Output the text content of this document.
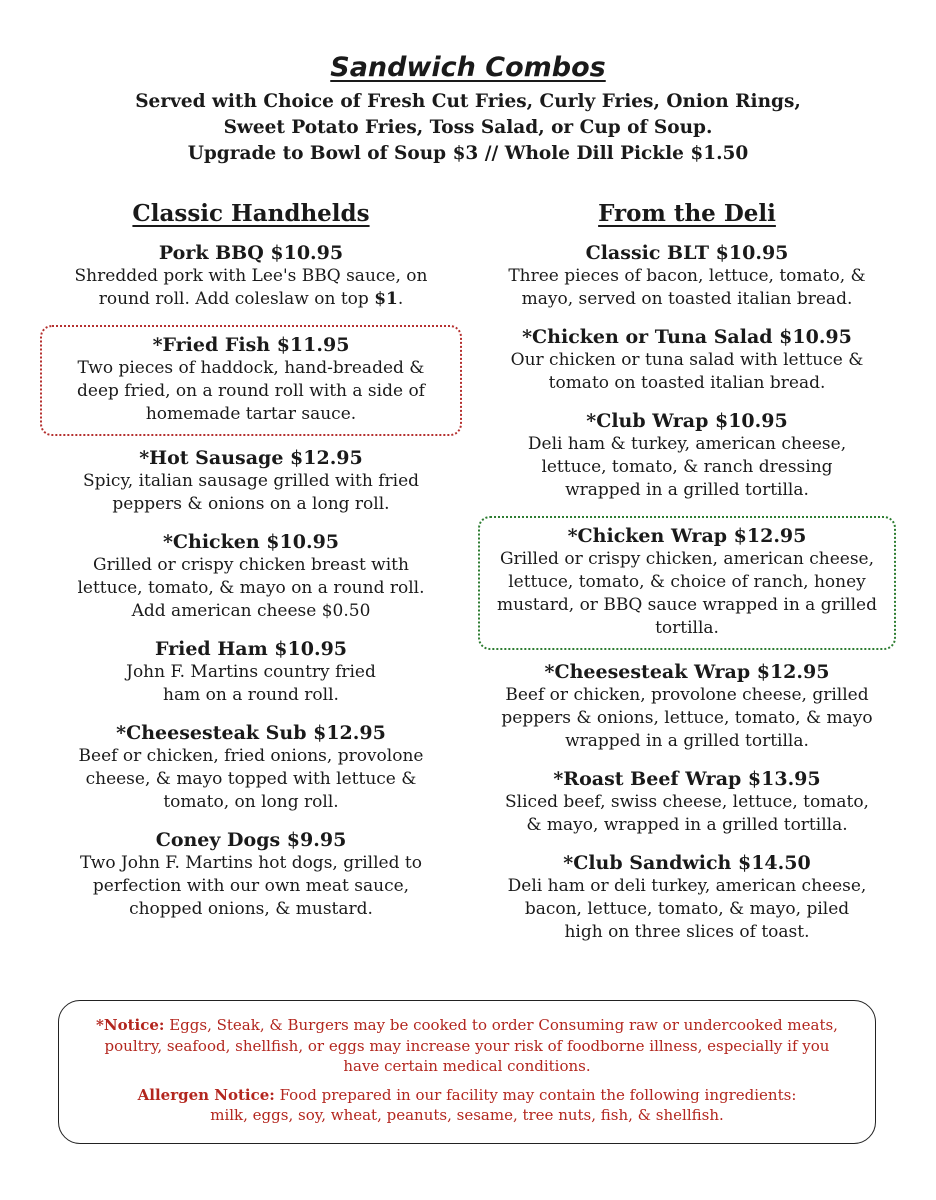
Sandwich Combos
Served with Choice of Fresh Cut Fries, Curly Fries, Onion Rings,
Sweet Potato Fries, Toss Salad, or Cup of Soup.
Upgrade to Bowl of Soup $3 // Whole Dill Pickle $1.50
Classic Handhelds
Pork BBQ $10.95
Shredded pork with Lee's BBQ sauce, on round roll. Add coleslaw on top $1.
*Fried Fish $11.95
Two pieces of haddock, hand-breaded & deep fried, on a round roll with a side of homemade tartar sauce.
*Hot Sausage $12.95
Spicy, italian sausage grilled with fried peppers & onions on a long roll.
*Chicken $10.95
Grilled or crispy chicken breast with lettuce, tomato, & mayo on a round roll. Add american cheese $0.50
Fried Ham $10.95
John F. Martins country fried ham on a round roll.
*Cheesesteak Sub $12.95
Beef or chicken, fried onions, provolone cheese, & mayo topped with lettuce & tomato, on long roll.
Coney Dogs $9.95
Two John F. Martins hot dogs, grilled to perfection with our own meat sauce, chopped onions, & mustard.
From the Deli
Classic BLT $10.95
Three pieces of bacon, lettuce, tomato, & mayo, served on toasted italian bread.
*Chicken or Tuna Salad $10.95
Our chicken or tuna salad with lettuce & tomato on toasted italian bread.
*Club Wrap $10.95
Deli ham & turkey, american cheese, lettuce, tomato, & ranch dressing wrapped in a grilled tortilla.
*Chicken Wrap $12.95
Grilled or crispy chicken, american cheese, lettuce, tomato, & choice of ranch, honey mustard, or BBQ sauce wrapped in a grilled tortilla.
*Cheesesteak Wrap $12.95
Beef or chicken, provolone cheese, grilled peppers & onions, lettuce, tomato, & mayo wrapped in a grilled tortilla.
*Roast Beef Wrap $13.95
Sliced beef, swiss cheese, lettuce, tomato, & mayo, wrapped in a grilled tortilla.
*Club Sandwich $14.50
Deli ham or deli turkey, american cheese, bacon, lettuce, tomato, & mayo, piled high on three slices of toast.

*Notice: Eggs, Steak, & Burgers may be cooked to order Consuming raw or undercooked meats, poultry, seafood, shellfish, or eggs may increase your risk of foodborne illness, especially if you have certain medical conditions.

Allergen Notice: Food prepared in our facility may contain the following ingredients: milk, eggs, soy, wheat, peanuts, sesame, tree nuts, fish, & shellfish.
